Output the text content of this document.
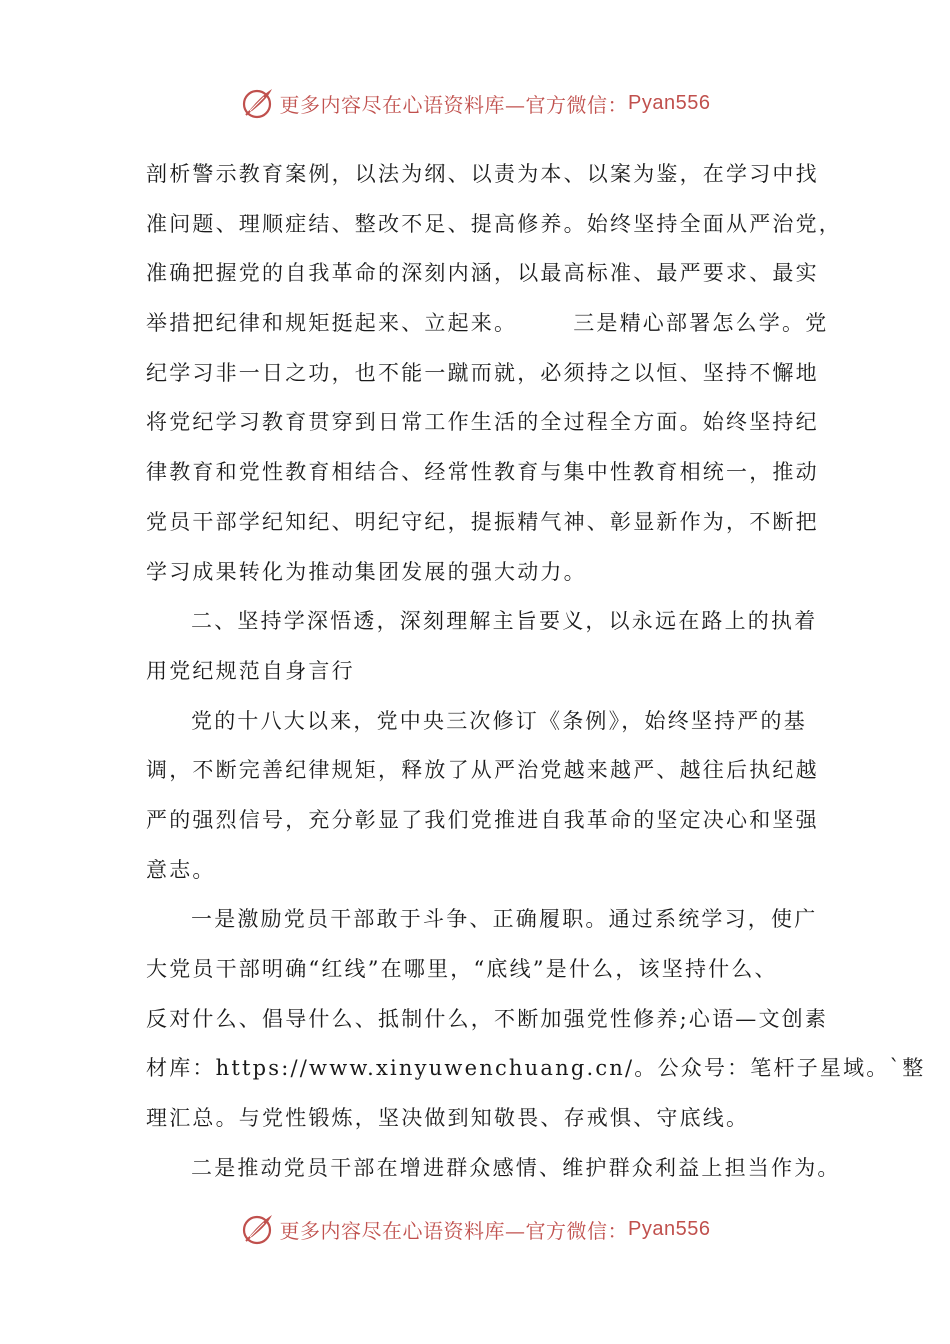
更多内容尽在心语资料库—官方微信： Pyan556
剖析警示教育案例，以法为纲、以责为本、以案为鉴，在学习中找
准问题、理顺症结、整改不足、提高修养。始终坚持全面从严治党，
准确把握党的自我革命的深刻内涵，以最高标准、最严要求、最实
举措把纪律和规矩挺起来、立起来。	三是精心部署怎么学。党
纪学习非一日之功，也不能一蹴而就，必须持之以恒、坚持不懈地
将党纪学习教育贯穿到日常工作生活的全过程全方面。始终坚持纪
律教育和党性教育相结合、经常性教育与集中性教育相统一，推动
党员干部学纪知纪、明纪守纪，提振精气神、彰显新作为，不断把
学习成果转化为推动集团发展的强大动力。
二、坚持学深悟透，深刻理解主旨要义，以永远在路上的执着
用党纪规范自身言行
党的十八大以来，党中央三次修订《条例》，始终坚持严的基
调，不断完善纪律规矩，释放了从严治党越来越严、越往后执纪越
严的强烈信号，充分彰显了我们党推进自我革命的坚定决心和坚强
意志。
一是激励党员干部敢于斗争、正确履职。通过系统学习，使广
大党员干部明确“红线”在哪里，“底线”是什么，该坚持什么、
反对什么、倡导什么、抵制什么，不断加强党性修养;心语—文创素
材库：https://www.xinyuwenchuang.cn/。公众号：笔杆子星域。`整
理汇总。与党性锻炼，坚决做到知敬畏、存戒惧、守底线。
二是推动党员干部在增进群众感情、维护群众利益上担当作为。
更多内容尽在心语资料库—官方微信： Pyan556
